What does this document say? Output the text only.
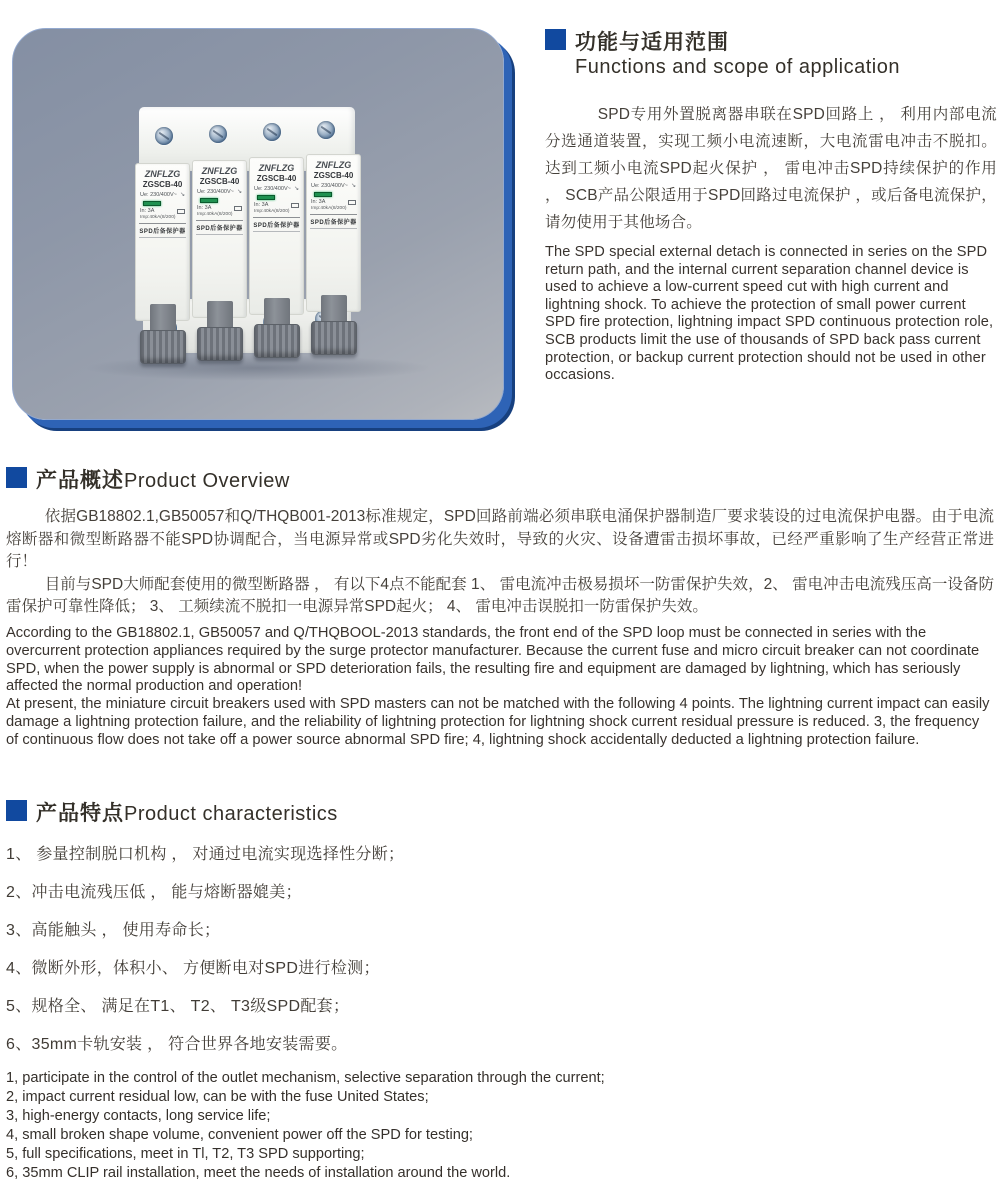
ZNFLZG
ZGSCB-40
Ue: 230/400V~ ↘
In: 3A
Imp:40kA(8/200)
SPD后备保护器
ZNFLZG
ZGSCB-40
Ue: 230/400V~ ↘
In: 3A
Imp:40kA(8/200)
SPD后备保护器
ZNFLZG
ZGSCB-40
Ue: 230/400V~ ↘
In: 3A
Imp:40kA(8/200)
SPD后备保护器
ZNFLZG
ZGSCB-40
Ue: 230/400V~ ↘
In: 3A
Imp:40kA(8/200)
SPD后备保护器
功能与适用范围
Functions and scope of application

SPD专用外置脱离器串联在SPD回路上 ， 利用内部电流分选通道装置，实现工频小电流速断，大电流雷电冲击不脱扣。达到工频小电流SPD起火保护 ， 雷电冲击SPD持续保护的作用 ， SCB产品公限适用于SPD回路过电流保护 ，或后备电流保护，请勿使用于其他场合。

The SPD special external detach is connected in series on the SPD return path, and the internal current separation channel device is used to achieve a low-current speed cut with high current and lightning shock. To achieve the protection of small power current SPD fire protection, lightning impact SPD continuous protection role, SCB products limit the use of thousands of SPD back pass current protection, or backup current protection should not be used in other occasions.

产品概述Product Overview

依据GB18802.1,GB50057和Q/THQB001-2013标准规定，SPD回路前端必须串联电涌保护器制造厂要求装设的过电流保护电器。由于电流熔断器和微型断路器不能SPD协调配合，当电源异常或SPD劣化失效时，导致的火灾、设备遭雷击损坏事故，已经严重影响了生产经营正常进行！

目前与SPD大师配套使用的微型断路器 ， 有以下4点不能配套 1、 雷电流冲击极易损坏一防雷保护失效，2、 雷电冲击电流残压高一设备防雷保护可靠性降低； 3、 工频续流不脱扣一电源异常SPD起火； 4、 雷电冲击误脱扣一防雷保护失效。

According to the GB18802.1, GB50057 and Q/THQBOOL-2013 standards, the front end of the SPD loop must be connected in series with the overcurrent protection appliances required by the surge protector manufacturer. Because the current fuse and micro circuit breaker can not coordinate SPD, when the power supply is abnormal or SPD deterioration fails, the resulting fire and equipment are damaged by lightning, which has seriously affected the normal production and operation!

At present, the miniature circuit breakers used with SPD masters can not be matched with the following 4 points. The lightning current impact can easily damage a lightning protection failure, and the reliability of lightning protection for lightning shock current residual pressure is reduced. 3, the frequency of continuous flow does not take off a power source abnormal SPD fire; 4, lightning shock accidentally deducted a lightning protection failure.

产品特点Product characteristics
1、 参量控制脱口机构 ， 对通过电流实现选择性分断；
2、冲击电流残压低 ， 能与熔断器媲美；
3、高能触头 ， 使用寿命长；
4、微断外形，体积小、 方便断电对SPD进行检测；
5、规格全、 满足在T1、 T2、 T3级SPD配套；
6、35mm卡轨安装 ， 符合世界各地安装需要。
1, participate in the control of the outlet mechanism, selective separation through the current;
2, impact current residual low, can be with the fuse United States;
3, high-energy contacts, long service life;
4, small broken shape volume, convenient power off the SPD for testing;
5, full specifications, meet in Tl, T2, T3 SPD supporting;
6, 35mm CLIP rail installation, meet the needs of installation around the world.
